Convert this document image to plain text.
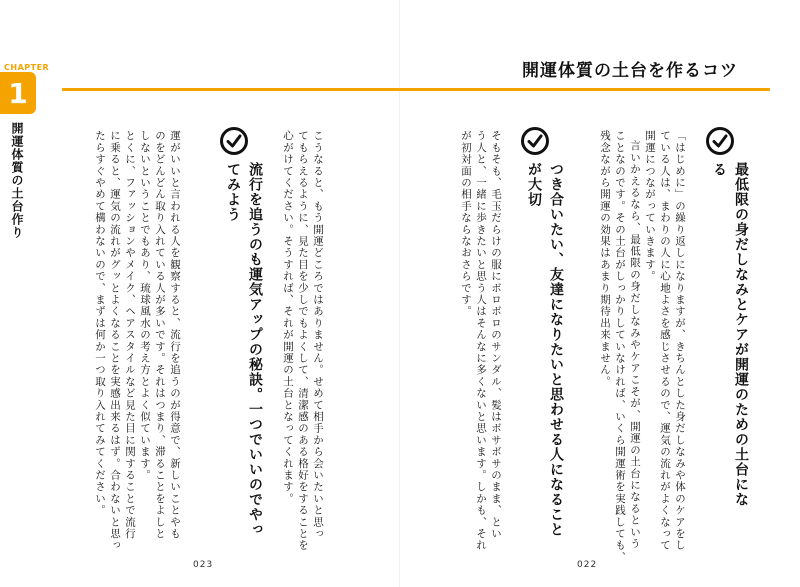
CHAPTER
1
開運体質の土台作り
開運体質の土台を作るコツ
最低限の身だしなみとケアが開運のための土台になる
「はじめに」の繰り返しになりますが、きちんとした身だしなみや体のケアをし
ている人は、まわりの人に心地よさを感じさせるので、運気の流れがよくなって
開運につながっていきます。
言いかえるなら、最低限の身だしなみやケアこそが、開運の土台になるという
ことなのです。その土台がしっかりしていなければ、いくら開運術を実践しても、
残念ながら開運の効果はあまり期待出来ません。
つき合いたい、友達になりたいと思わせる人になることが大切
そもそも、毛玉だらけの服にボロボロのサンダル、髪はボサボサのまま、とい
う人と、一緒に歩きたいと思う人はそんなに多くないと思います。しかも、それ
が初対面の相手ならなおさらです。
こうなると、もう開運どころではありません。せめて相手から会いたいと思っ
てもらえるように、見た目を少しでもよくして、清潔感のある格好をすることを
心がけてください。そうすれば、それが開運の土台となってくれます。
流行を追うのも運気アップの秘訣。一つでいいのでやってみよう
運がいいと言われる人を観察すると、流行を追うのが得意で、新しいことやも
のをどんどん取り入れている人が多いです。それはつまり、滞ることをよしと
しないということでもあり、琉球風水の考え方とよく似ています。
とくに、ファッションやメイク、ヘアスタイルなど見た目に関することで流行
に乗ると、運気の流れがグッとよくなることを実感出来るはず。合わないと思っ
たらすぐやめて構わないので、まずは何か一つ取り入れてみてください。
022
023
